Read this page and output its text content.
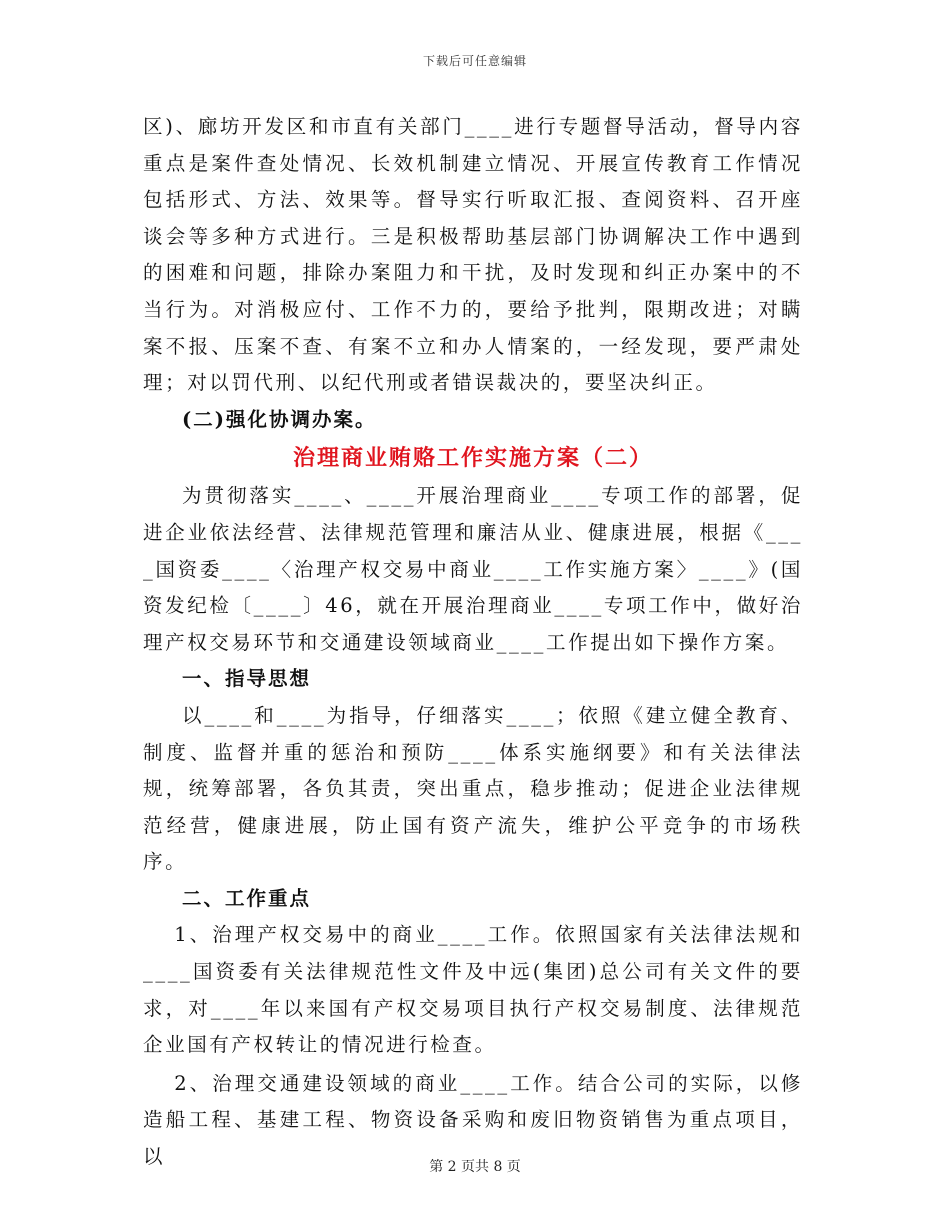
下载后可任意编辑

区)、廊坊开发区和市直有关部门____进行专题督导活动，督导内容重点是案件查处情况、长效机制建立情况、开展宣传教育工作情况包括形式、方法、效果等。督导实行听取汇报、查阅资料、召开座谈会等多种方式进行。三是积极帮助基层部门协调解决工作中遇到的困难和问题，排除办案阻力和干扰，及时发现和纠正办案中的不当行为。对消极应付、工作不力的，要给予批判，限期改进；对瞒案不报、压案不查、有案不立和办人情案的，一经发现，要严肃处理；对以罚代刑、以纪代刑或者错误裁决的，要坚决纠正。

(二)强化协调办案。
治理商业贿赂工作实施方案（二）

为贯彻落实____、____开展治理商业____专项工作的部署，促进企业依法经营、法律规范管理和廉洁从业、健康进展，根据《____国资委____〈治理产权交易中商业____工作实施方案〉____》(国资发纪检〔____〕46，就在开展治理商业____专项工作中，做好治理产权交易环节和交通建设领域商业____工作提出如下操作方案。

一、指导思想

以____和____为指导，仔细落实____；依照《建立健全教育、制度、监督并重的惩治和预防____体系实施纲要》和有关法律法规，统筹部署，各负其责，突出重点，稳步推动；促进企业法律规范经营，健康进展，防止国有资产流失，维护公平竞争的市场秩序。

二、工作重点

1、治理产权交易中的商业____工作。依照国家有关法律法规和____国资委有关法律规范性文件及中远(集团)总公司有关文件的要求，对____年以来国有产权交易项目执行产权交易制度、法律规范企业国有产权转让的情况进行检查。

2、治理交通建设领域的商业____工作。结合公司的实际，以修造船工程、基建工程、物资设备采购和废旧物资销售为重点项目，以	第 2 页共 8 页
